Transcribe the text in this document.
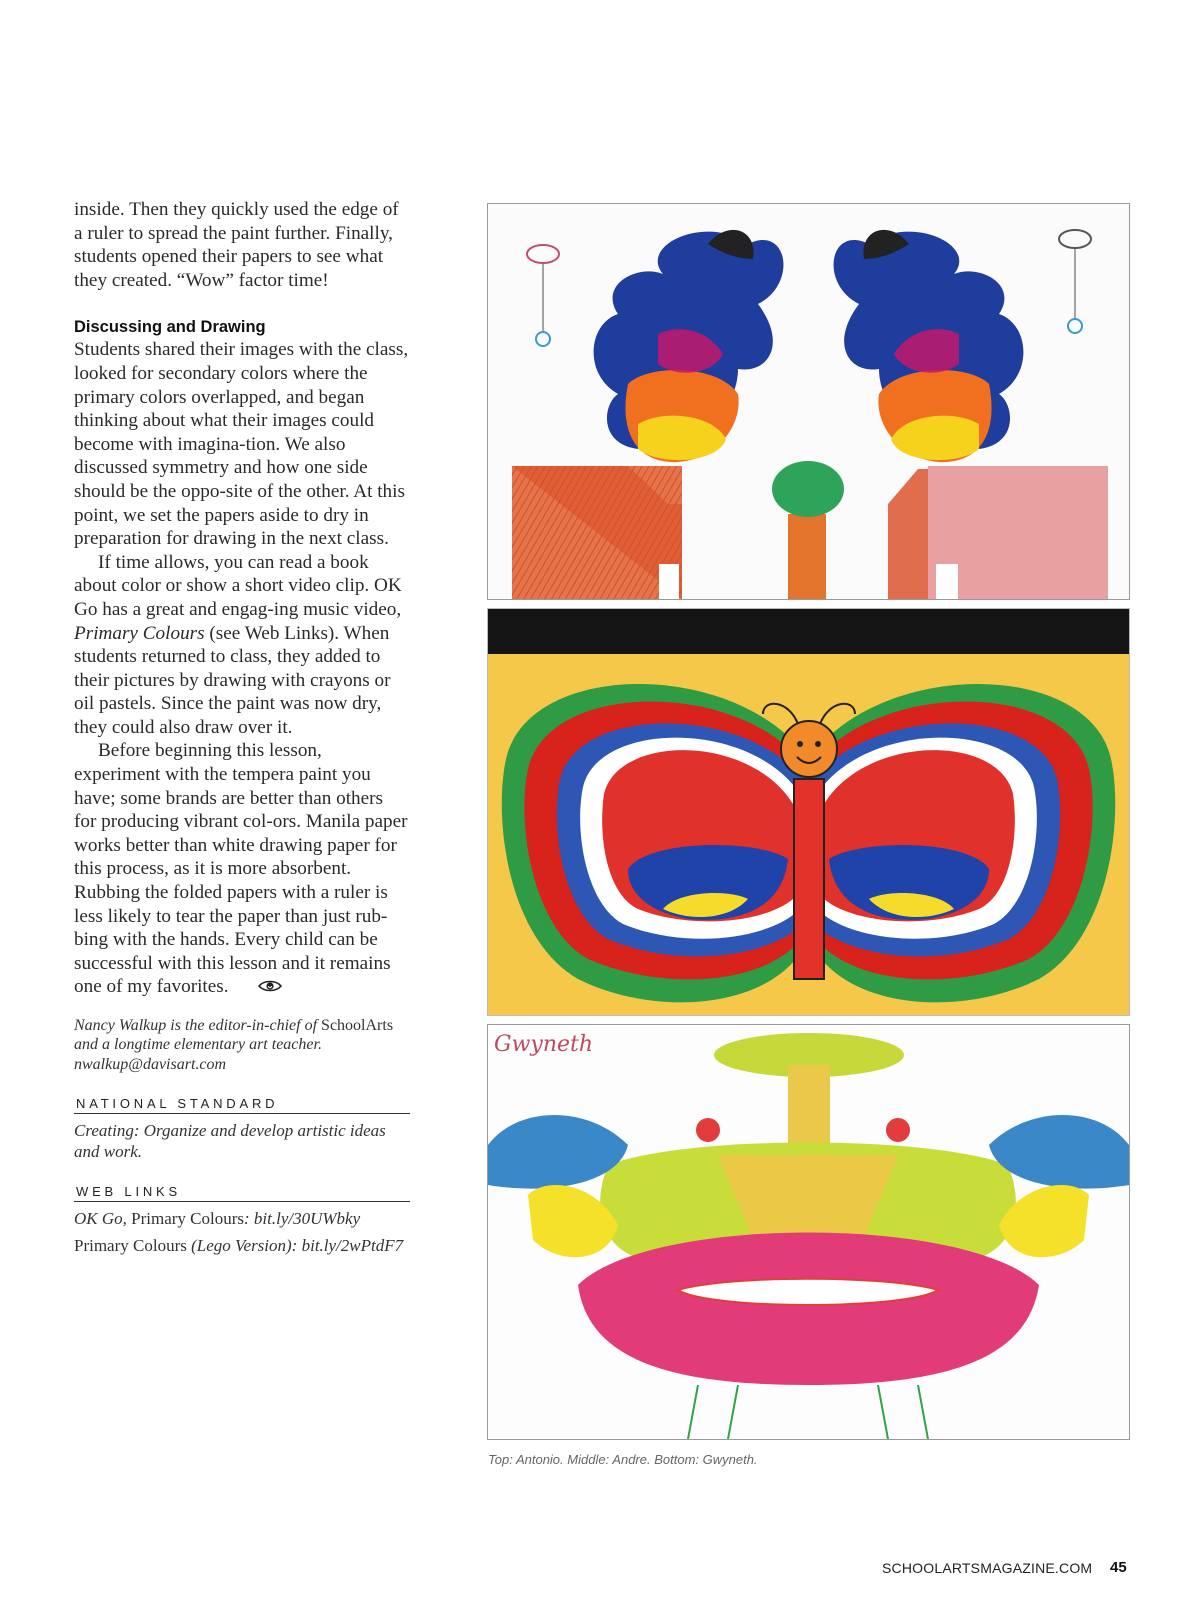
inside. Then they quickly used the edge of a ruler to spread the paint further. Finally, students opened their papers to see what they created. “Wow” factor time!

Discussing and Drawing

Students shared their images with the class, looked for secondary colors where the primary colors overlapped, and began thinking about what their images could become with imagina-tion. We also discussed symmetry and how one side should be the oppo-site of the other. At this point, we set the papers aside to dry in preparation for drawing in the next class.

If time allows, you can read a book about color or show a short video clip. OK Go has a great and engag-ing music video, Primary Colours (see Web Links). When students returned to class, they added to their pictures by drawing with crayons or oil pastels. Since the paint was now dry, they could also draw over it.

Before beginning this lesson, experiment with the tempera paint you have; some brands are better than others for producing vibrant col-ors. Manila paper works better than white drawing paper for this process, as it is more absorbent. Rubbing the folded papers with a ruler is less likely to tear the paper than just rub-bing with the hands. Every child can be successful with this lesson and it remains one of my favorites.

Nancy Walkup is the editor-in-chief of SchoolArts and a longtime elementary art teacher. nwalkup@davisart.com
NATIONAL STANDARD
Creating: Organize and develop artistic ideas and work.
WEB LINKS
OK Go, Primary Colours: bit.ly/30UWbky
Primary Colours (Lego Version): bit.ly/2wPtdF7
Gwyneth
Top: Antonio. Middle: Andre. Bottom: Gwyneth.
SCHOOLARTSMAGAZINE.COM 45
